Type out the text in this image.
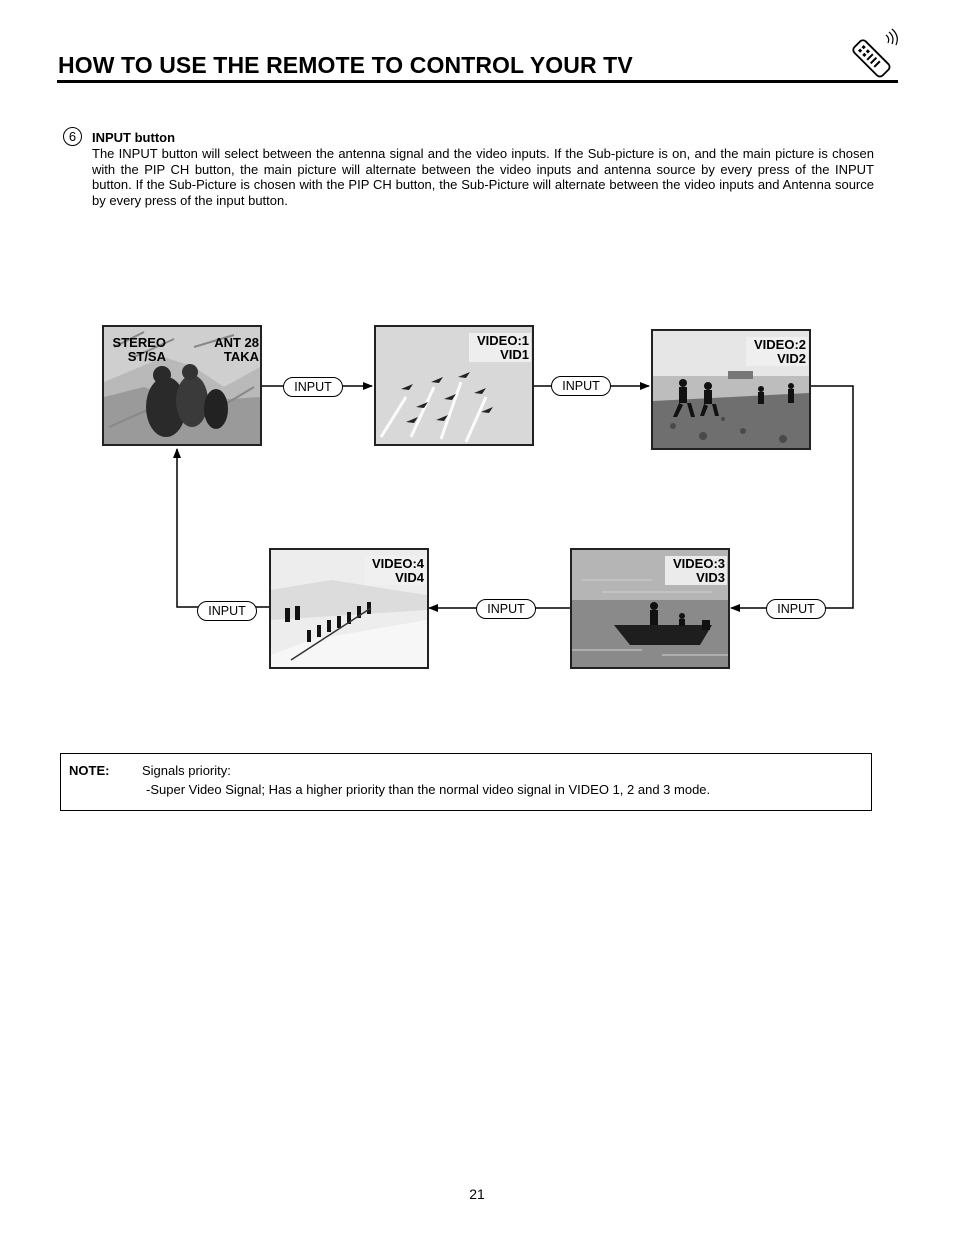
HOW TO USE THE REMOTE TO CONTROL YOUR TV
6	INPUT button

The INPUT button will select between the antenna signal and the video inputs. If the Sub-picture is on, and the main picture is chosen with the PIP CH button, the main picture will alternate between the video inputs and antenna source by every press of the INPUT button. If the Sub-Picture is chosen with the PIP CH button, the Sub-Picture will alternate between the video inputs and Antenna source by every press of the input button.

STEREO
ST/SA
ANT 28
TAKA
VIDEO:1
VID1
VIDEO:2
VID2
VIDEO:3
VID3
VIDEO:4
VID4
INPUT	INPUT
INPUT
INPUT
INPUT
NOTE:	Signals priority:
-Super Video Signal; Has a higher priority than the normal video signal in VIDEO 1, 2 and 3 mode.
21
